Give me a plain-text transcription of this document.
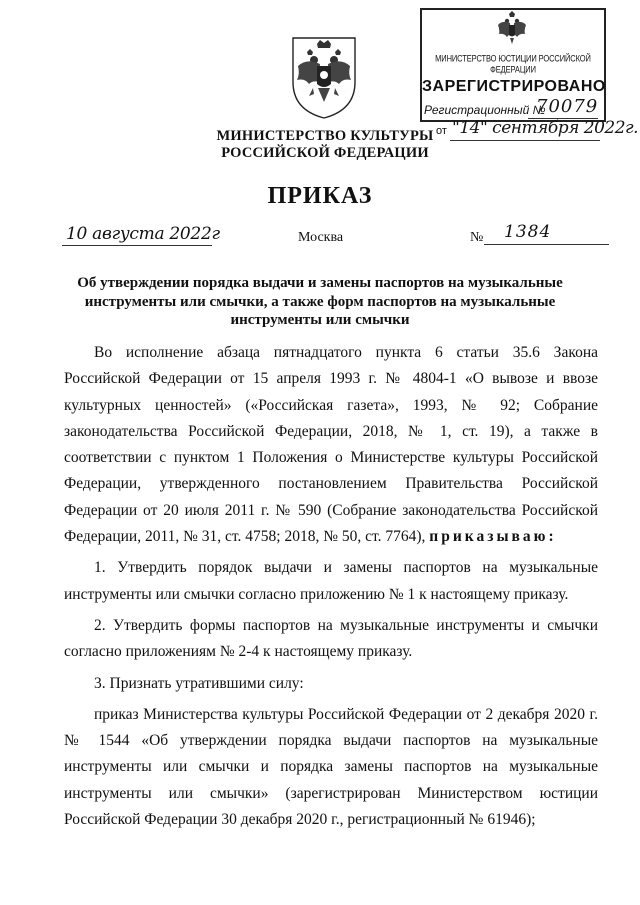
МИНИСТЕРСТВО КУЛЬТУРЫ
РОССИЙСКОЙ ФЕДЕРАЦИИ
МИНИСТЕРСТВО ЮСТИЦИИ РОССИЙСКОЙ ФЕДЕРАЦИИ
ЗАРЕГИСТРИРОВАНО
Регистрационный №
70079
от "14" сентября 2022г.
ПРИКАЗ
10 августа 2022г	Москва	№ 1384
Об утверждении порядка выдачи и замены паспортов на музыкальные инструменты или смычки, а также форм паспортов на музыкальные инструменты или смычки

Во исполнение абзаца пятнадцатого пункта 6 статьи 35.6 Закона Российской Федерации от 15 апреля 1993 г. № 4804-1 «О вывозе и ввозе культурных ценностей» («Российская газета», 1993, № 92; Собрание законодательства Российской Федерации, 2018, № 1, ст. 19), а также в соответствии с пунктом 1 Положения о Министерстве культуры Российской Федерации, утвержденного постановлением Правительства Российской Федерации от 20 июля 2011 г. № 590 (Собрание законодательства Российской Федерации, 2011, № 31, ст. 4758; 2018, № 50, ст. 7764), приказываю:

1. Утвердить порядок выдачи и замены паспортов на музыкальные инструменты или смычки согласно приложению № 1 к настоящему приказу.

2. Утвердить формы паспортов на музыкальные инструменты и смычки согласно приложениям № 2-4 к настоящему приказу.

3. Признать утратившими силу:

приказ Министерства культуры Российской Федерации от 2 декабря 2020 г. № 1544 «Об утверждении порядка выдачи паспортов на музыкальные инструменты или смычки и порядка замены паспортов на музыкальные инструменты или смычки» (зарегистрирован Министерством юстиции Российской Федерации 30 декабря 2020 г., регистрационный № 61946);
